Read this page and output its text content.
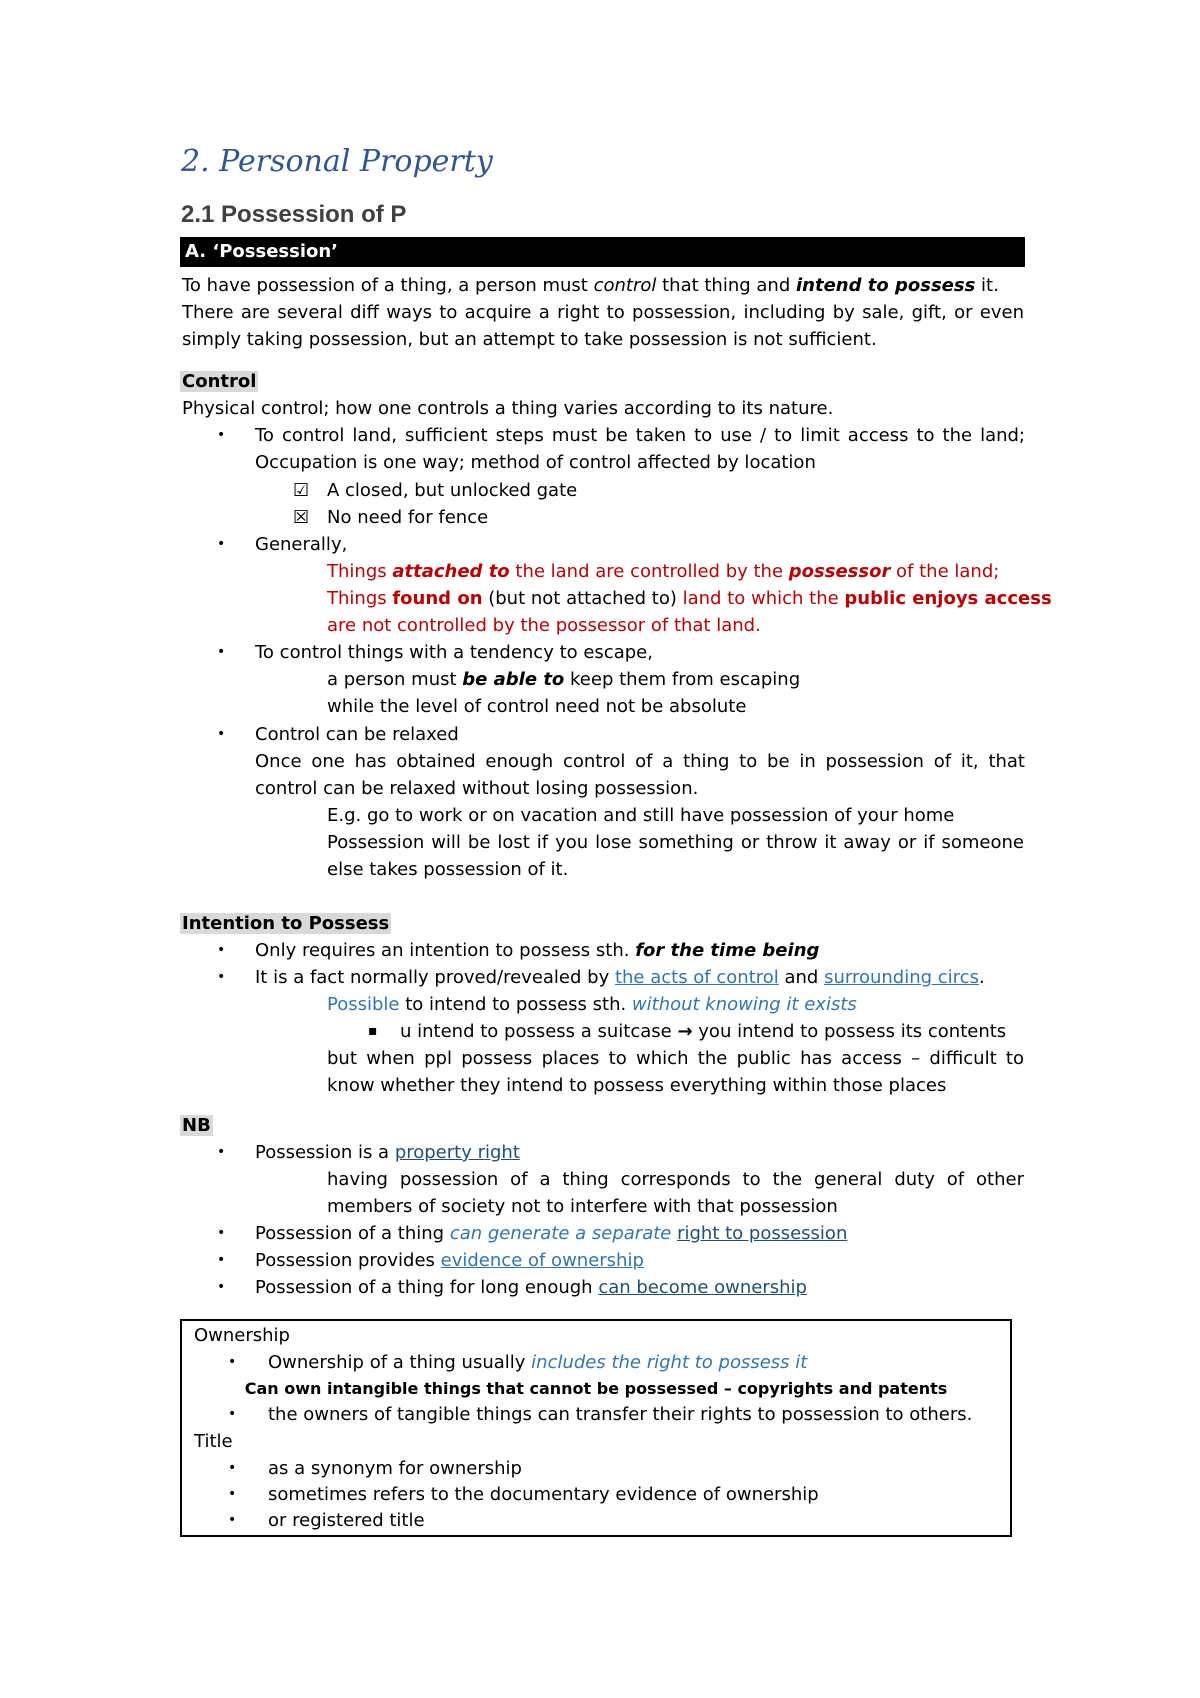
2. Personal Property
2.1 Possession of P
A. ‘Possession’
To have possession of a thing, a person must control that thing and intend to possess it.
There are several diff ways to acquire a right to possession, including by sale, gift, or even
simply taking possession, but an attempt to take possession is not sufficient.
Control
Physical control; how one controls a thing varies according to its nature.
• To control land, sufficient steps must be taken to use / to limit access to the land;
Occupation is one way; method of control affected by location
☑ A closed, but unlocked gate
☒ No need for fence
• Generally,
Things attached to the land are controlled by the possessor of the land;
Things found on (but not attached to) land to which the public enjoys access
are not controlled by the possessor of that land.
• To control things with a tendency to escape,
a person must be able to keep them from escaping
while the level of control need not be absolute
• Control can be relaxed
Once one has obtained enough control of a thing to be in possession of it, that
control can be relaxed without losing possession.
E.g. go to work or on vacation and still have possession of your home
Possession will be lost if you lose something or throw it away or if someone
else takes possession of it.
Intention to Possess
• Only requires an intention to possess sth. for the time being
• It is a fact normally proved/revealed by the acts of control and surrounding circs.
Possible to intend to possess sth. without knowing it exists
▪ u intend to possess a suitcase → you intend to possess its contents
but when ppl possess places to which the public has access – difficult to
know whether they intend to possess everything within those places
NB
• Possession is a property right
having possession of a thing corresponds to the general duty of other
members of society not to interfere with that possession
• Possession of a thing can generate a separate right to possession
• Possession provides evidence of ownership
• Possession of a thing for long enough can become ownership
Ownership
• Ownership of a thing usually includes the right to possess it
Can own intangible things that cannot be possessed – copyrights and patents
• the owners of tangible things can transfer their rights to possession to others.
Title
• as a synonym for ownership
• sometimes refers to the documentary evidence of ownership
• or registered title
